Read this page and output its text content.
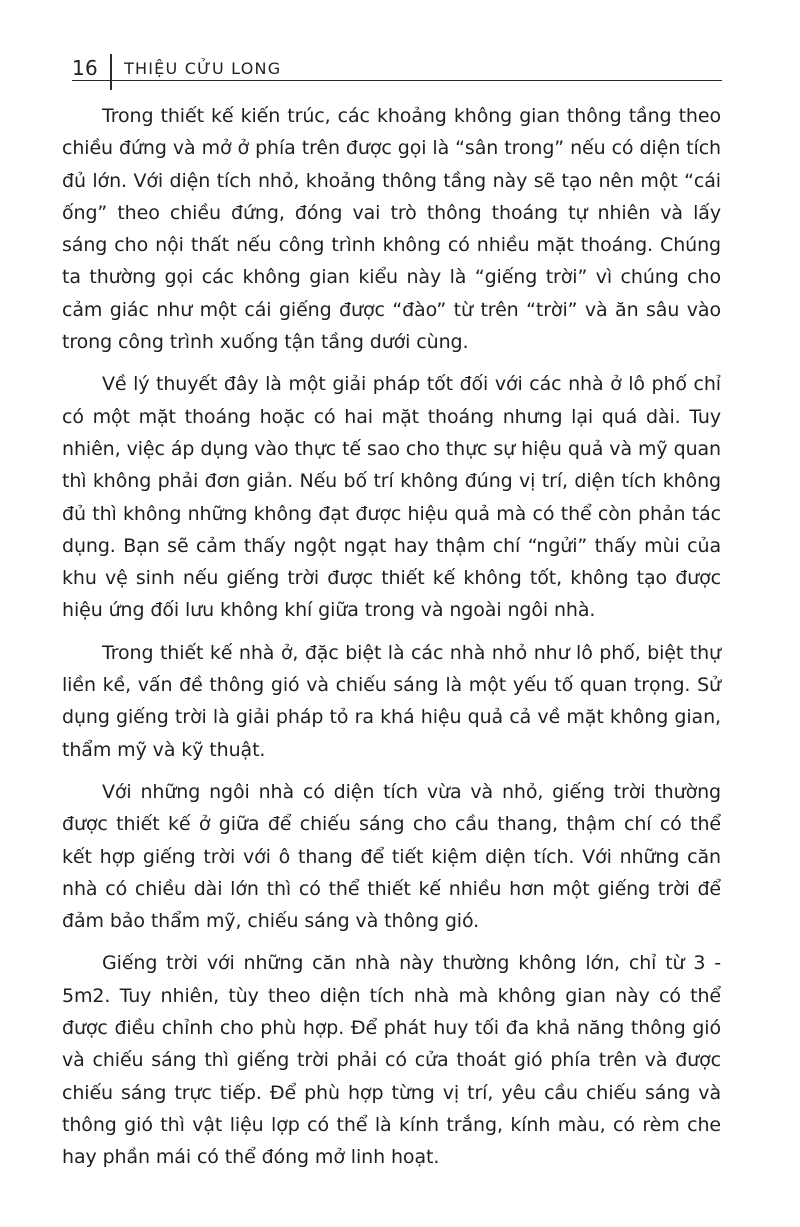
16 THIỆU CỬU LONG

Trong thiết kế kiến trúc, các khoảng không gian thông tầng theo chiều đứng và mở ở phía trên được gọi là “sân trong” nếu có diện tích đủ lớn. Với diện tích nhỏ, khoảng thông tầng này sẽ tạo nên một “cái ống” theo chiều đứng, đóng vai trò thông thoáng tự nhiên và lấy sáng cho nội thất nếu công trình không có nhiều mặt thoáng. Chúng ta thường gọi các không gian kiểu này là “giếng trời” vì chúng cho cảm giác như một cái giếng được “đào” từ trên “trời” và ăn sâu vào trong công trình xuống tận tầng dưới cùng.

Về lý thuyết đây là một giải pháp tốt đối với các nhà ở lô phố chỉ có một mặt thoáng hoặc có hai mặt thoáng nhưng lại quá dài. Tuy nhiên, việc áp dụng vào thực tế sao cho thực sự hiệu quả và mỹ quan thì không phải đơn giản. Nếu bố trí không đúng vị trí, diện tích không đủ thì không những không đạt được hiệu quả mà có thể còn phản tác dụng. Bạn sẽ cảm thấy ngột ngạt hay thậm chí “ngửi” thấy mùi của khu vệ sinh nếu giếng trời được thiết kế không tốt, không tạo được hiệu ứng đối lưu không khí giữa trong và ngoài ngôi nhà.

Trong thiết kế nhà ở, đặc biệt là các nhà nhỏ như lô phố, biệt thự liền kề, vấn đề thông gió và chiếu sáng là một yếu tố quan trọng. Sử dụng giếng trời là giải pháp tỏ ra khá hiệu quả cả về mặt không gian, thẩm mỹ và kỹ thuật.

Với những ngôi nhà có diện tích vừa và nhỏ, giếng trời thường được thiết kế ở giữa để chiếu sáng cho cầu thang, thậm chí có thể kết hợp giếng trời với ô thang để tiết kiệm diện tích. Với những căn nhà có chiều dài lớn thì có thể thiết kế nhiều hơn một giếng trời để đảm bảo thẩm mỹ, chiếu sáng và thông gió.

Giếng trời với những căn nhà này thường không lớn, chỉ từ 3 - 5m2. Tuy nhiên, tùy theo diện tích nhà mà không gian này có thể được điều chỉnh cho phù hợp. Để phát huy tối đa khả năng thông gió và chiếu sáng thì giếng trời phải có cửa thoát gió phía trên và được chiếu sáng trực tiếp. Để phù hợp từng vị trí, yêu cầu chiếu sáng và thông gió thì vật liệu lợp có thể là kính trắng, kính màu, có rèm che hay phần mái có thể đóng mở linh hoạt.
